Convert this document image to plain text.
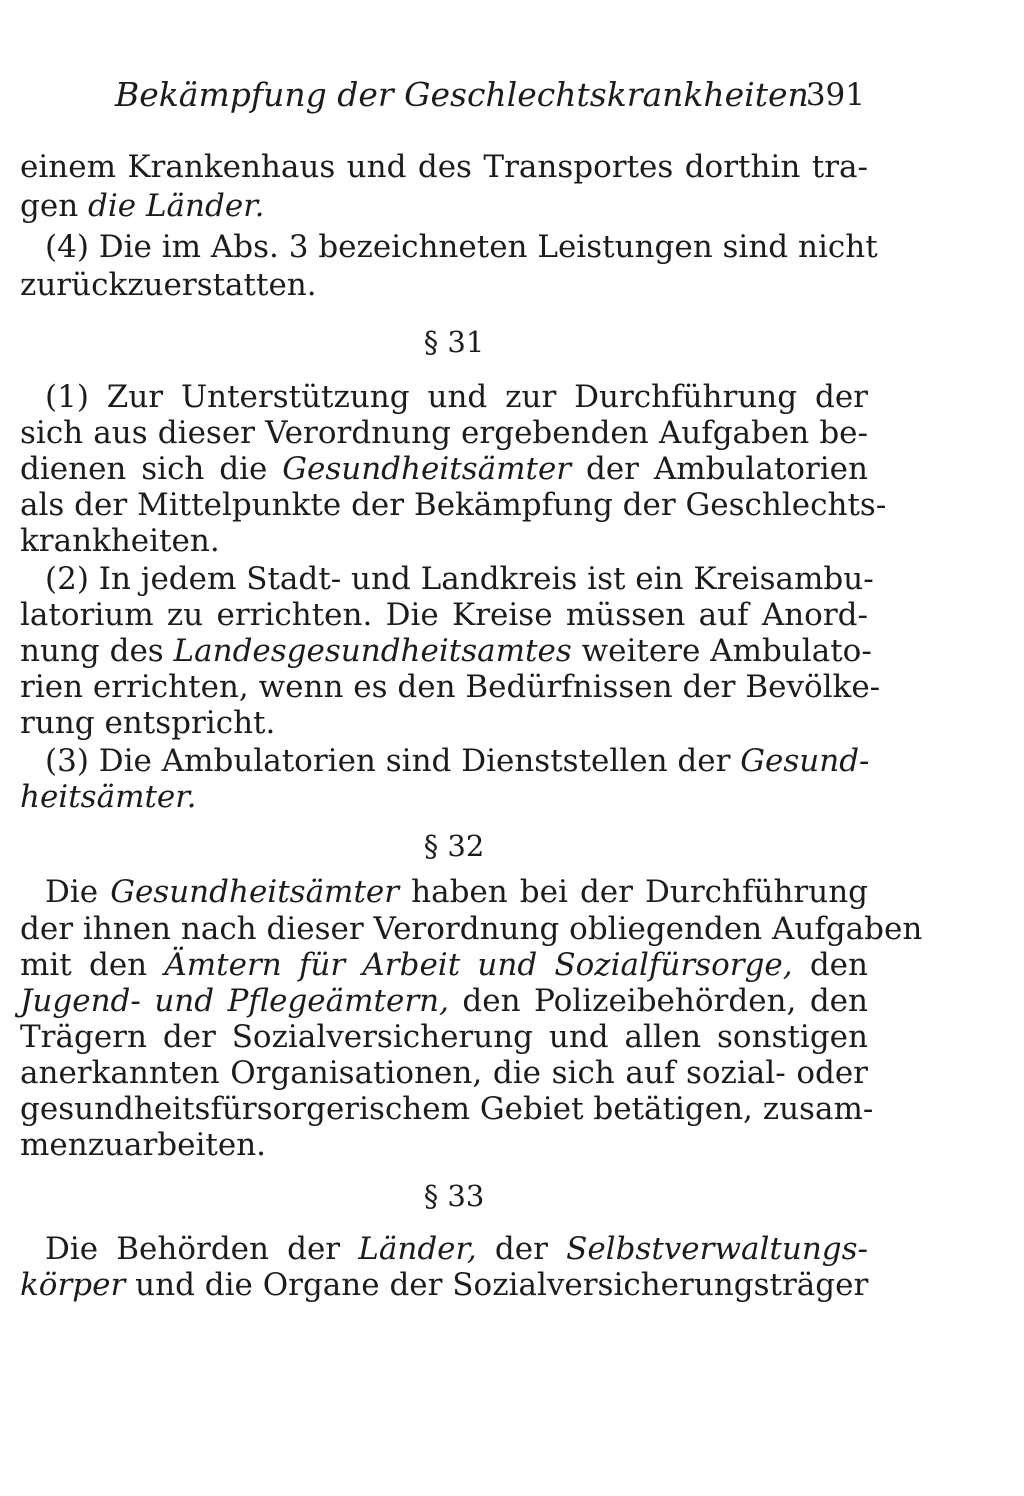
Bekämpfung der Geschlechtskrankheiten
391
einem Krankenhaus und des Transportes dorthin tra-
gen die Länder.
(4) Die im Abs. 3 bezeichneten Leistungen sind nicht
zurückzuerstatten.
§ 31
(1) Zur Unterstützung und zur Durchführung der
sich aus dieser Verordnung ergebenden Aufgaben be-
dienen sich die Gesundheitsämter der Ambulatorien
als der Mittelpunkte der Bekämpfung der Geschlechts-
krankheiten.
(2) In jedem Stadt- und Landkreis ist ein Kreisambu-
latorium zu errichten. Die Kreise müssen auf Anord-
nung des Landesgesundheitsamtes weitere Ambulato-
rien errichten, wenn es den Bedürfnissen der Bevölke-
rung entspricht.
(3) Die Ambulatorien sind Dienststellen der Gesund-
heitsämter.
§ 32
Die Gesundheitsämter haben bei der Durchführung
der ihnen nach dieser Verordnung obliegenden Aufgaben
mit den Ämtern für Arbeit und Sozialfürsorge, den
Jugend- und Pflegeämtern, den Polizeibehörden, den
Trägern der Sozialversicherung und allen sonstigen
anerkannten Organisationen, die sich auf sozial- oder
gesundheitsfürsorgerischem Gebiet betätigen, zusam-
menzuarbeiten.
§ 33
Die Behörden der Länder, der Selbstverwaltungs-
körper und die Organe der Sozialversicherungsträger
